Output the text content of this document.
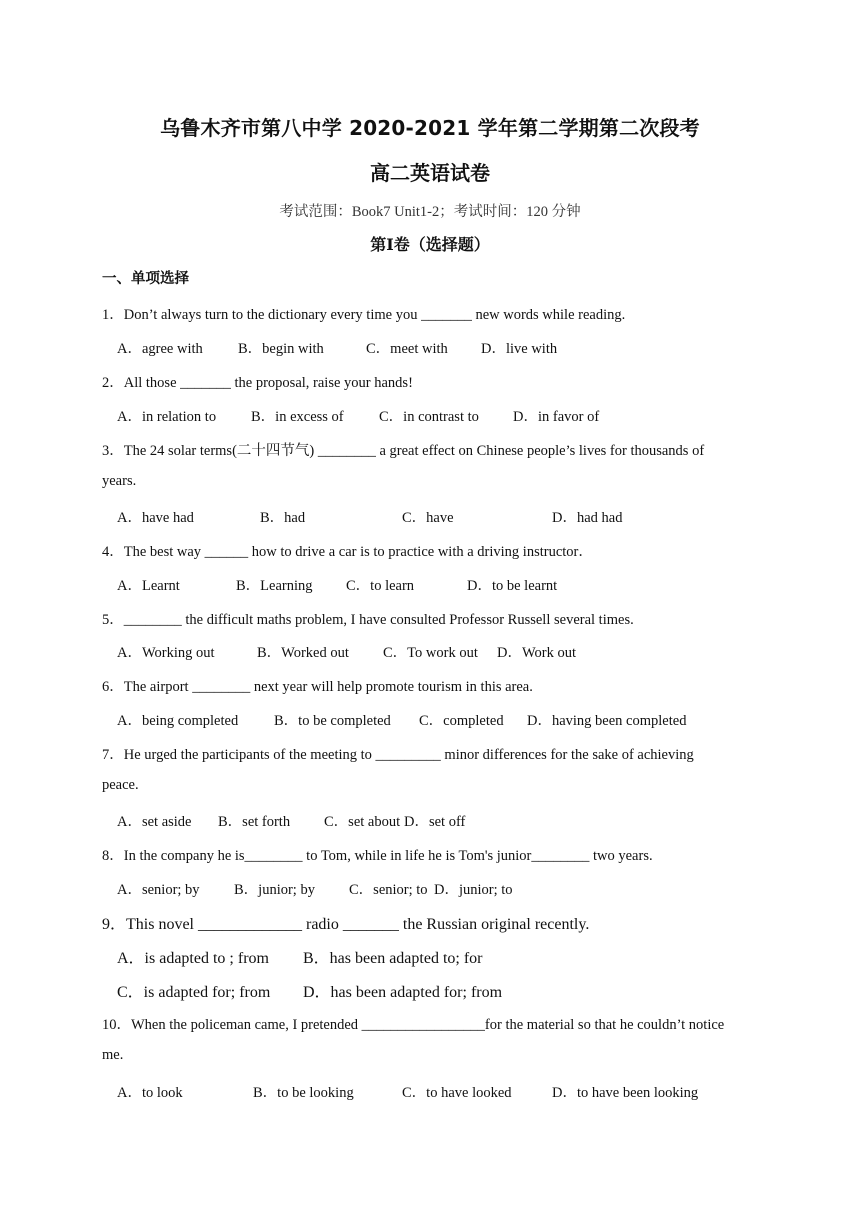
乌鲁木齐市第八中学 2020-2021 学年第二学期第二次段考
高二英语试卷
考试范围：Book7 Unit1-2；考试时间：120 分钟
第Ⅰ卷（选择题）
一、单项选择
1．Don’t always turn to the dictionary every time you _______ new words while reading.
A．agree with B．begin with	C．meet with D．live with
2．All those _______ the proposal, raise your hands!
A．in relation to B．in excess of C．in contrast to D．in favor of
3．The 24 solar terms(二十四节气) ________ a great effect on Chinese people’s lives for thousands of
years.
A．have had	B．had	C．have	D．had had
4．The best way ______ how to drive a car is to practice with a driving instructor．
A．Learnt	B．Learning C．to learn	D．to be learnt
5．________ the difficult maths problem, I have consulted Professor Russell several times.
A．Working out	B．Worked out C．To work out D．Work out
6．The airport ________ next year will help promote tourism in this area.
A．being completed B．to be completed C．completed D．having been completed
7．He urged the participants of the meeting to _________ minor differences for the sake of achieving
peace.
A．set aside B．set forth C．set about D．set off
8．In the company he is________ to Tom, while in life he is Tom's junior________ two years.
A．senior; by B．junior; by C．senior; to D．junior; to
9．This novel _____________ radio _______ the Russian original recently.
A．is adapted to ; from B．has been adapted to; for
C．is adapted for; from D．has been adapted for; from
10．When the policeman came, I pretended _________________for the material so that he couldn’t notice
me.
A．to look	B．to be looking	C．to have looked	D．to have been looking
